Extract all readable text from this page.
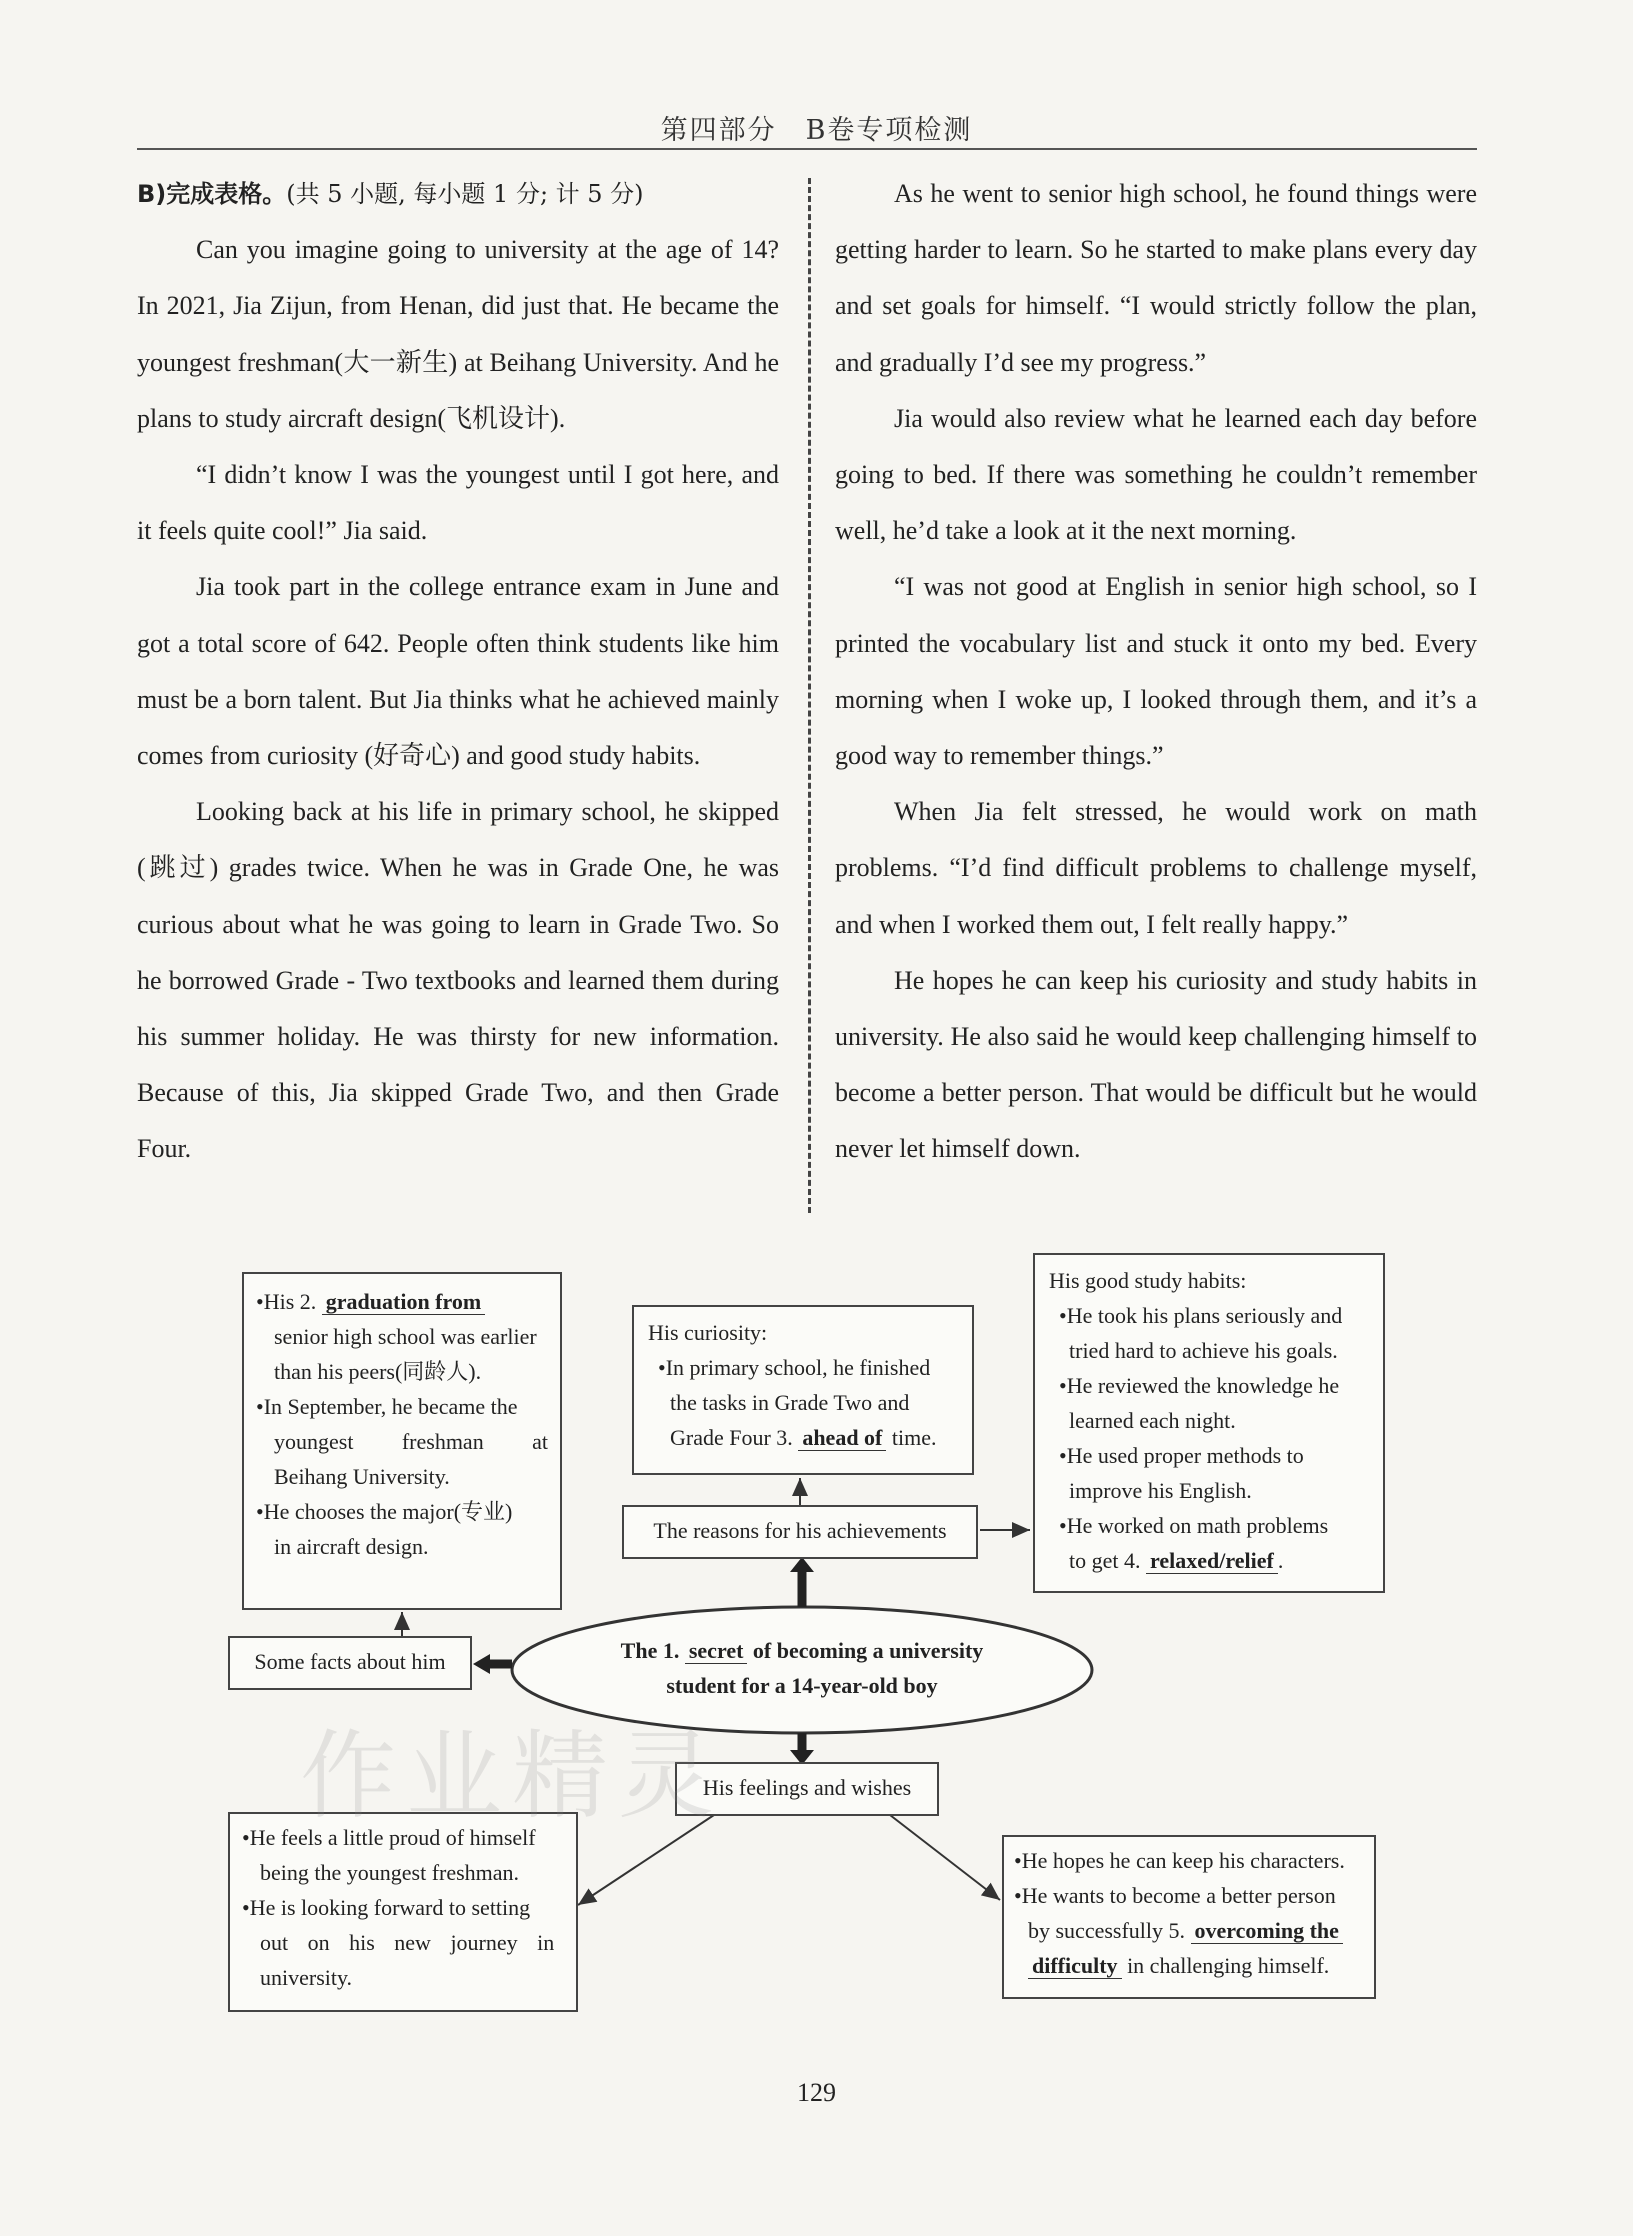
第四部分　B卷专项检测

B)完成表格。(共 5 小题, 每小题 1 分; 计 5 分)

Can you imagine going to university at the age of 14? In 2021, Jia Zijun, from Henan, did just that. He became the youngest freshman(大一新生) at Beihang University. And he plans to study aircraft design(飞机设计).

“I didn’t know I was the youngest until I got here, and it feels quite cool!” Jia said.

Jia took part in the college entrance exam in June and got a total score of 642. People often think students like him must be a born talent. But Jia thinks what he achieved mainly comes from curiosity (好奇心) and good study habits.

Looking back at his life in primary school, he skipped (跳过) grades twice. When he was in Grade One, he was curious about what he was going to learn in Grade Two. So he borrowed Grade - Two textbooks and learned them during his summer holiday. He was thirsty for new information. Because of this, Jia skipped Grade Two, and then Grade Four.

As he went to senior high school, he found things were getting harder to learn. So he started to make plans every day and set goals for himself. “I would strictly follow the plan, and gradually I’d see my progress.”

Jia would also review what he learned each day before going to bed. If there was something he couldn’t remember well, he’d take a look at it the next morning.

“I was not good at English in senior high school, so I printed the vocabulary list and stuck it onto my bed. Every morning when I woke up, I looked through them, and it’s a good way to remember things.”

When Jia felt stressed, he would work on math problems. “I’d find difficult problems to challenge myself, and when I worked them out, I felt really happy.”

He hopes he can keep his curiosity and study habits in university. He also said he would keep challenging himself to become a better person. That would be difficult but he would never let himself down.

The 1. secret of becoming a university
student for a 14-year-old boy
Some facts about him
The reasons for his achievements
His feelings and wishes
•His 2. graduation from
senior high school was earlier
than his peers(同龄人).
•In September, he became the
youngest freshman at
Beihang University.
•He chooses the major(专业)
in aircraft design.
His curiosity:
•In primary school, he finished
the tasks in Grade Two and
Grade Four 3. ahead of time.
His good study habits:
•He took his plans seriously and
tried hard to achieve his goals.
•He reviewed the knowledge he
learned each night.
•He used proper methods to
improve his English.
•He worked on math problems
to get 4. relaxed/relief .
•He feels a little proud of himself
being the youngest freshman.
•He is looking forward to setting
out on his new journey in
university.
•He hopes he can keep his characters.
•He wants to become a better person
by successfully 5. overcoming the
difficulty in challenging himself.
作业精灵
129
